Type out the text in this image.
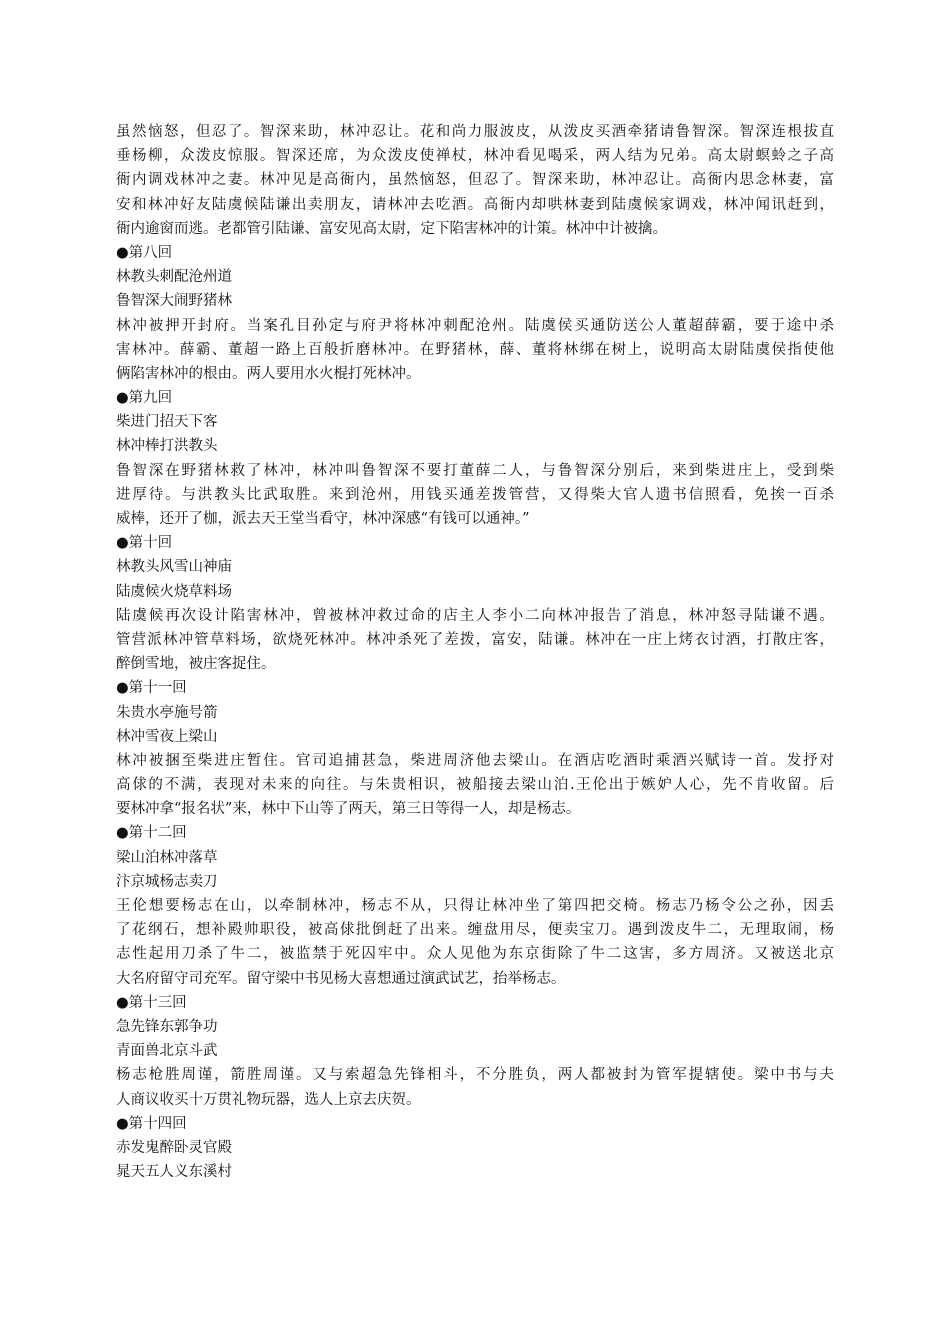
虽然恼怒，但忍了。智深来助，林冲忍让。花和尚力服波皮，从泼皮买酒牵猪请鲁智深。智深连根拔直
垂杨柳，众泼皮惊服。智深还席，为众泼皮使禅杖，林冲看见喝采，两人结为兄弟。高太尉螟蛉之子高
衙内调戏林冲之妻。林冲见是高衙内，虽然恼怒，但忍了。智深来助，林冲忍让。高衙内思念林妻，富
安和林冲好友陆虞候陆谦出卖朋友，请林冲去吃酒。高衙内却哄林妻到陆虞候家调戏，林冲闻讯赶到，
衙内逾窗而逃。老都管引陆谦、富安见高太尉，定下陷害林冲的计策。林冲中计被擒。
●第八回
林教头刺配沧州道
鲁智深大闹野猪林
林冲被押开封府。当案孔目孙定与府尹将林冲刺配沧州。陆虞侯买通防送公人董超薛霸，要于途中杀
害林冲。薛霸、董超一路上百般折磨林冲。在野猪林，薛、董将林绑在树上，说明高太尉陆虞侯指使他
俩陷害林冲的根由。两人要用水火棍打死林冲。
●第九回
柴进门招天下客
林冲棒打洪教头
鲁智深在野猪林救了林冲，林冲叫鲁智深不要打董薛二人，与鲁智深分别后，来到柴进庄上，受到柴
进厚待。与洪教头比武取胜。来到沧州，用钱买通差拨管营，又得柴大官人遗书信照看，免挨一百杀
威棒，还开了枷，派去天王堂当看守，林冲深感“有钱可以通神。”
●第十回
林教头风雪山神庙
陆虞候火烧草料场
陆虞候再次设计陷害林冲，曾被林冲救过命的店主人李小二向林冲报告了消息，林冲怒寻陆谦不遇。
管营派林冲管草料场，欲烧死林冲。林冲杀死了差拨，富安，陆谦。林冲在一庄上烤衣讨酒，打散庄客，
醉倒雪地，被庄客捉住。
●第十一回
朱贵水亭施号箭
林冲雪夜上梁山
林冲被捆至柴进庄暂住。官司追捕甚急，柴进周济他去梁山。在酒店吃酒时乘酒兴赋诗一首。发抒对
高俅的不满，表现对未来的向往。与朱贵相识，被船接去梁山泊.王伦出于嫉妒人心，先不肯收留。后
要林冲拿“报名状”来，林中下山等了两天，第三日等得一人，却是杨志。
●第十二回
梁山泊林冲落草
汴京城杨志卖刀
王伦想要杨志在山，以牵制林冲，杨志不从，只得让林冲坐了第四把交椅。杨志乃杨令公之孙，因丢
了花纲石，想补殿帅职役，被高俅批倒赶了出来。缠盘用尽，便卖宝刀。遇到泼皮牛二，无理取闹，杨
志性起用刀杀了牛二，被监禁于死囚牢中。众人见他为东京街除了牛二这害，多方周济。又被送北京
大名府留守司充军。留守梁中书见杨大喜想通过演武试艺，抬举杨志。
●第十三回
急先锋东郭争功
青面兽北京斗武
杨志枪胜周谨，箭胜周谨。又与索超急先锋相斗，不分胜负，两人都被封为管军提辖使。梁中书与夫
人商议收买十万贯礼物玩器，选人上京去庆贺。
●第十四回
赤发鬼醉卧灵官殿
晁天五人义东溪村
